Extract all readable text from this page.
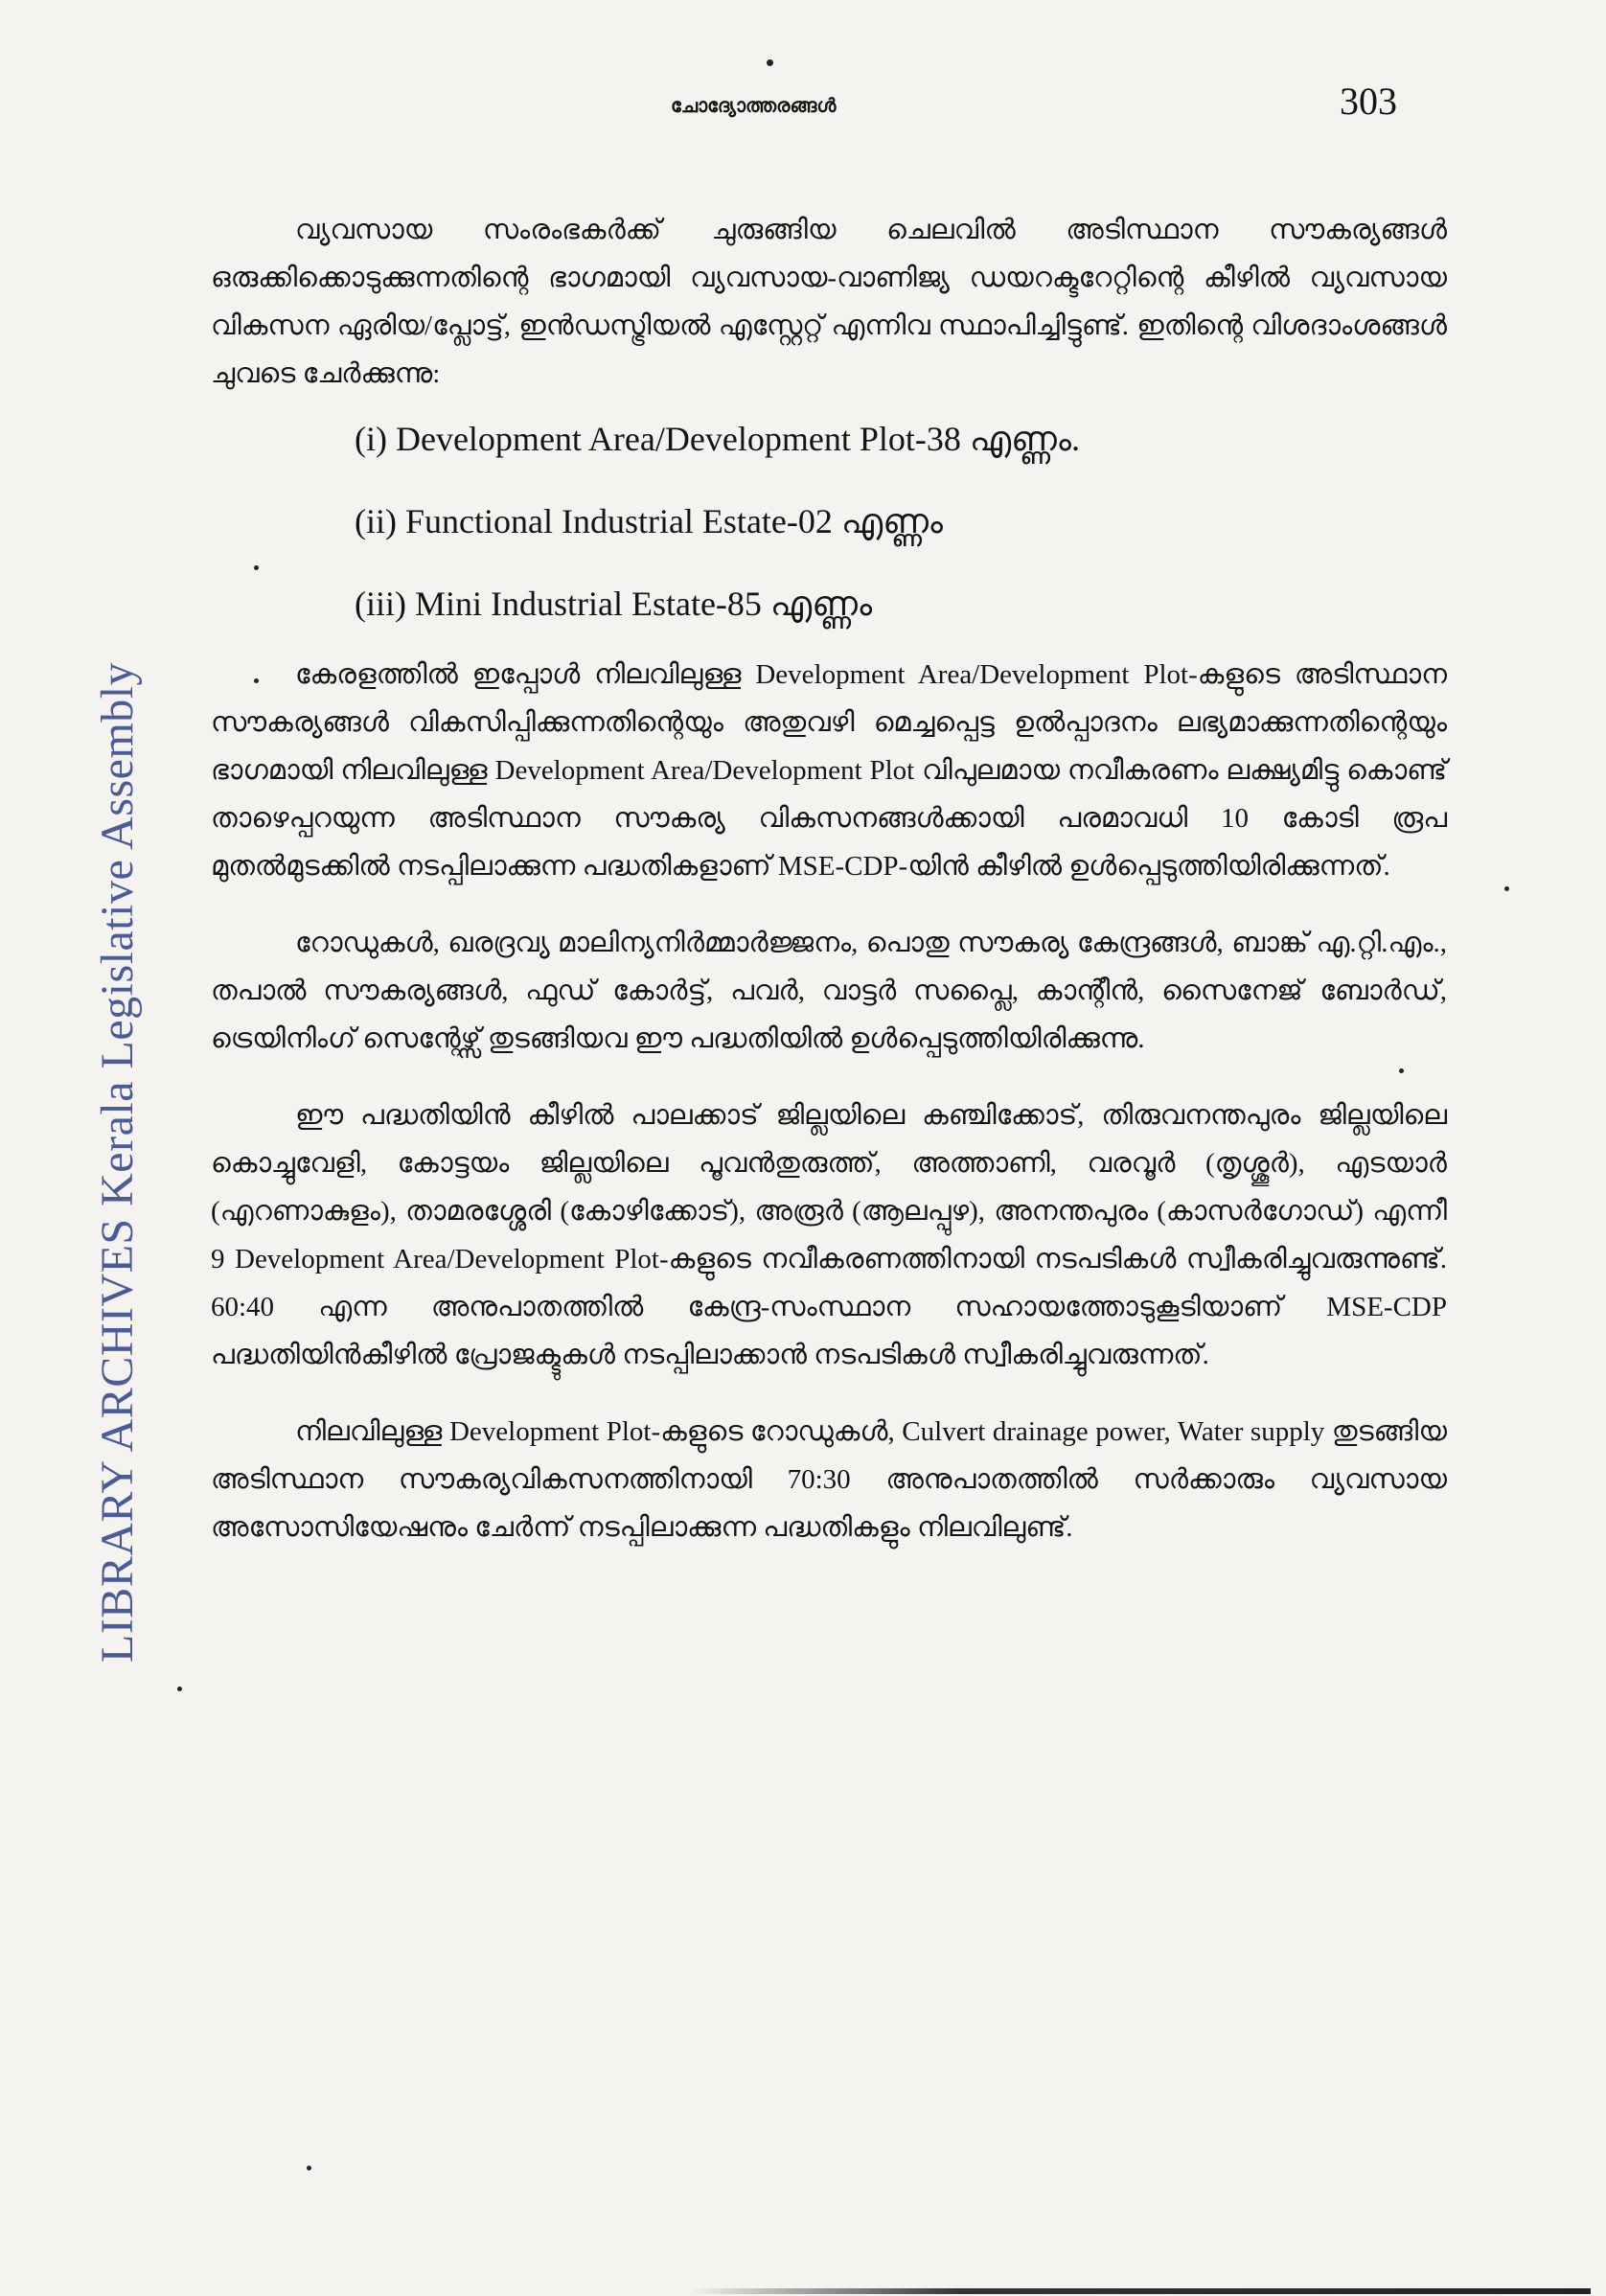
LIBRARY ARCHIVES Kerala Legislative Assembly
ചോദ്യോത്തരങ്ങൾ	303

വ്യവസായ സംരംഭകർക്ക് ചുരുങ്ങിയ ചെലവിൽ അടിസ്ഥാന സൗകര്യങ്ങൾ ഒരുക്കിക്കൊടുക്കുന്നതിന്റെ ഭാഗമായി വ്യവസായ-വാണിജ്യ ഡയറക്ടറേറ്റിന്റെ കീഴിൽ വ്യവസായ വികസന ഏരിയ/പ്ലോട്ട്, ഇൻഡസ്ട്രിയൽ എസ്റ്റേറ്റ് എന്നിവ സ്ഥാപിച്ചിട്ടുണ്ട്. ഇതിന്റെ വിശദാംശങ്ങൾ ചുവടെ ചേർക്കുന്നു:

(i) Development Area/Development Plot-38 എണ്ണം.
(ii) Functional Industrial Estate-02 എണ്ണം
(iii) Mini Industrial Estate-85 എണ്ണം

കേരളത്തിൽ ഇപ്പോൾ നിലവിലുള്ള Development Area/Development Plot-കളുടെ അടിസ്ഥാന സൗകര്യങ്ങൾ വികസിപ്പിക്കുന്നതിന്റെയും അതുവഴി മെച്ചപ്പെട്ട ഉൽപ്പാദനം ലഭ്യമാക്കുന്നതിന്റെയും ഭാഗമായി നിലവിലുള്ള Development Area/Development Plot വിപുലമായ നവീകരണം ലക്ഷ്യമിട്ടു കൊണ്ട് താഴെപ്പറയുന്ന അടിസ്ഥാന സൗകര്യ വികസനങ്ങൾക്കായി പരമാവധി 10 കോടി രൂപ മുതൽമുടക്കിൽ നടപ്പിലാക്കുന്ന പദ്ധതികളാണ് MSE-CDP-യിൻ കീഴിൽ ഉൾപ്പെടുത്തിയിരിക്കുന്നത്.

റോഡുകൾ, ഖരദ്രവ്യ മാലിന്യനിർമ്മാർജ്ജനം, പൊതു സൗകര്യ കേന്ദ്രങ്ങൾ, ബാങ്ക് എ.റ്റി.എം., തപാൽ സൗകര്യങ്ങൾ, ഫുഡ് കോർട്ട്, പവർ, വാട്ടർ സപ്ലൈ, കാന്റീൻ, സൈനേജ് ബോർഡ്, ട്രെയിനിംഗ് സെന്റേഴ്സ് തുടങ്ങിയവ ഈ പദ്ധതിയിൽ ഉൾപ്പെടുത്തിയിരിക്കുന്നു.

ഈ പദ്ധതിയിൻ കീഴിൽ പാലക്കാട് ജില്ലയിലെ കഞ്ചിക്കോട്, തിരുവനന്തപുരം ജില്ലയിലെ കൊച്ചുവേളി, കോട്ടയം ജില്ലയിലെ പൂവൻതുരുത്ത്, അത്താണി, വരവൂർ (തൃശ്ശൂർ), എടയാർ (എറണാകുളം), താമരശ്ശേരി (കോഴിക്കോട്), അരൂർ (ആലപ്പുഴ), അനന്തപുരം (കാസർഗോഡ്) എന്നീ 9 Development Area/Development Plot-കളുടെ നവീകരണത്തിനായി നടപടികൾ സ്വീകരിച്ചുവരുന്നുണ്ട്. 60:40 എന്ന അനുപാതത്തിൽ കേന്ദ്ര-സംസ്ഥാന സഹായത്തോടുകൂടിയാണ് MSE-CDP പദ്ധതിയിൻകീഴിൽ പ്രോജക്ടുകൾ നടപ്പിലാക്കാൻ നടപടികൾ സ്വീകരിച്ചുവരുന്നത്.

നിലവിലുള്ള Development Plot-കളുടെ റോഡുകൾ, Culvert drainage power, Water supply തുടങ്ങിയ അടിസ്ഥാന സൗകര്യവികസനത്തിനായി 70:30 അനുപാതത്തിൽ സർക്കാരും വ്യവസായ അസോസിയേഷനും ചേർന്ന് നടപ്പിലാക്കുന്ന പദ്ധതികളും നിലവിലുണ്ട്.
